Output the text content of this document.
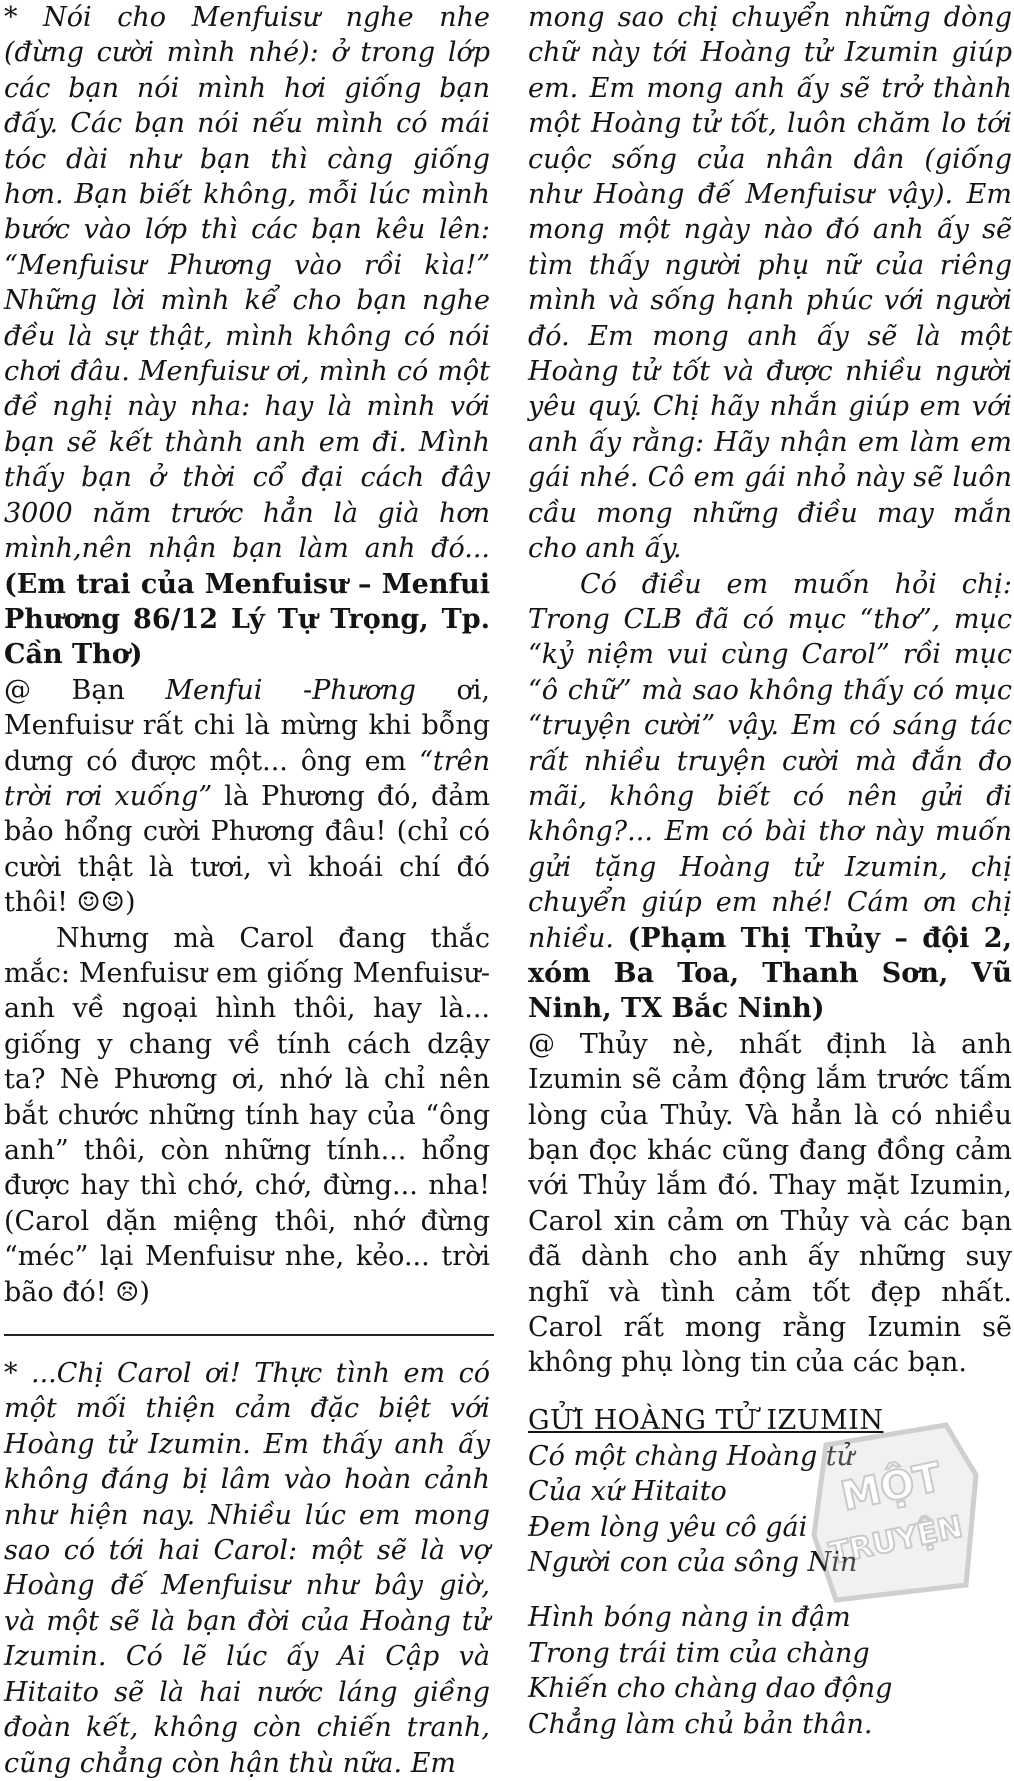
* Nói cho Menfuisư nghe nhe (đừng cười mình nhé): ở trong lớp các bạn nói mình hơi giống bạn đấy. Các bạn nói nếu mình có mái tóc dài như bạn thì càng giống hơn. Bạn biết không, mỗi lúc mình bước vào lớp thì các bạn kêu lên: “Menfuisư Phương vào rồi kìa!” Những lời mình kể cho bạn nghe đều là sự thật, mình không có nói chơi đâu. Menfuisư ơi, mình có một đề nghị này nha: hay là mình với bạn sẽ kết thành anh em đi. Mình thấy bạn ở thời cổ đại cách đây 3000 năm trước hẳn là già hơn mình,nên nhận bạn làm anh đó... (Em trai của Menfuisư – Menfui Phương 86/12 Lý Tự Trọng, Tp. Cần Thơ)

@ Bạn Menfui -Phương ơi, Menfuisư rất chi là mừng khi bỗng dưng có được một... ông em “trên trời rơi xuống” là Phương đó, đảm bảo hổng cười Phương đâu! (chỉ có cười thật là tươi, vì khoái chí đó thôi! ☺☺)

Nhưng mà Carol đang thắc mắc: Menfuisư em giống Menfuisư-anh về ngoại hình thôi, hay là... giống y chang về tính cách dzậy ta? Nè Phương ơi, nhớ là chỉ nên bắt chước những tính hay của “ông anh” thôi, còn những tính... hổng được hay thì chớ, chớ, đừng... nha! (Carol dặn miệng thôi, nhớ đừng “méc” lại Menfuisư nhe, kẻo... trời bão đó! ☹)

* ...Chị Carol ơi! Thực tình em có một mối thiện cảm đặc biệt với Hoàng tử Izumin. Em thấy anh ấy không đáng bị lâm vào hoàn cảnh như hiện nay. Nhiều lúc em mong sao có tới hai Carol: một sẽ là vợ Hoàng đế Menfuisư như bây giờ, và một sẽ là bạn đời của Hoàng tử Izumin. Có lẽ lúc ấy Ai Cập và Hitaito sẽ là hai nước láng giềng đoàn kết, không còn chiến tranh, cũng chẳng còn hận thù nữa. Em

mong sao chị chuyển những dòng chữ này tới Hoàng tử Izumin giúp em. Em mong anh ấy sẽ trở thành một Hoàng tử tốt, luôn chăm lo tới cuộc sống của nhân dân (giống như Hoàng đế Menfuisư vậy). Em mong một ngày nào đó anh ấy sẽ tìm thấy người phụ nữ của riêng mình và sống hạnh phúc với người đó. Em mong anh ấy sẽ là một Hoàng tử tốt và được nhiều người yêu quý. Chị hãy nhắn giúp em với anh ấy rằng: Hãy nhận em làm em gái nhé. Cô em gái nhỏ này sẽ luôn cầu mong những điều may mắn cho anh ấy.

Có điều em muốn hỏi chị: Trong CLB đã có mục “thơ”, mục “kỷ niệm vui cùng Carol” rồi mục “ô chữ” mà sao không thấy có mục “truyện cười” vậy. Em có sáng tác rất nhiều truyện cười mà đắn đo mãi, không biết có nên gửi đi không?... Em có bài thơ này muốn gửi tặng Hoàng tử Izumin, chị chuyển giúp em nhé! Cám ơn chị nhiều. (Phạm Thị Thủy – đội 2, xóm Ba Toa, Thanh Sơn, Vũ Ninh, TX Bắc Ninh)

@ Thủy nè, nhất định là anh Izumin sẽ cảm động lắm trước tấm lòng của Thủy. Và hẳn là có nhiều bạn đọc khác cũng đang đồng cảm với Thủy lắm đó. Thay mặt Izumin, Carol xin cảm ơn Thủy và các bạn đã dành cho anh ấy những suy nghĩ và tình cảm tốt đẹp nhất. Carol rất mong rằng Izumin sẽ không phụ lòng tin của các bạn.

GỬI HOÀNG TỬ IZUMIN
Có một chàng Hoàng tử
Của xứ Hitaito
Đem lòng yêu cô gái
Người con của sông Nin
Hình bóng nàng in đậm
Trong trái tim của chàng
Khiến cho chàng dao động
Chẳng làm chủ bản thân.
MỘT
TRUYỆN
